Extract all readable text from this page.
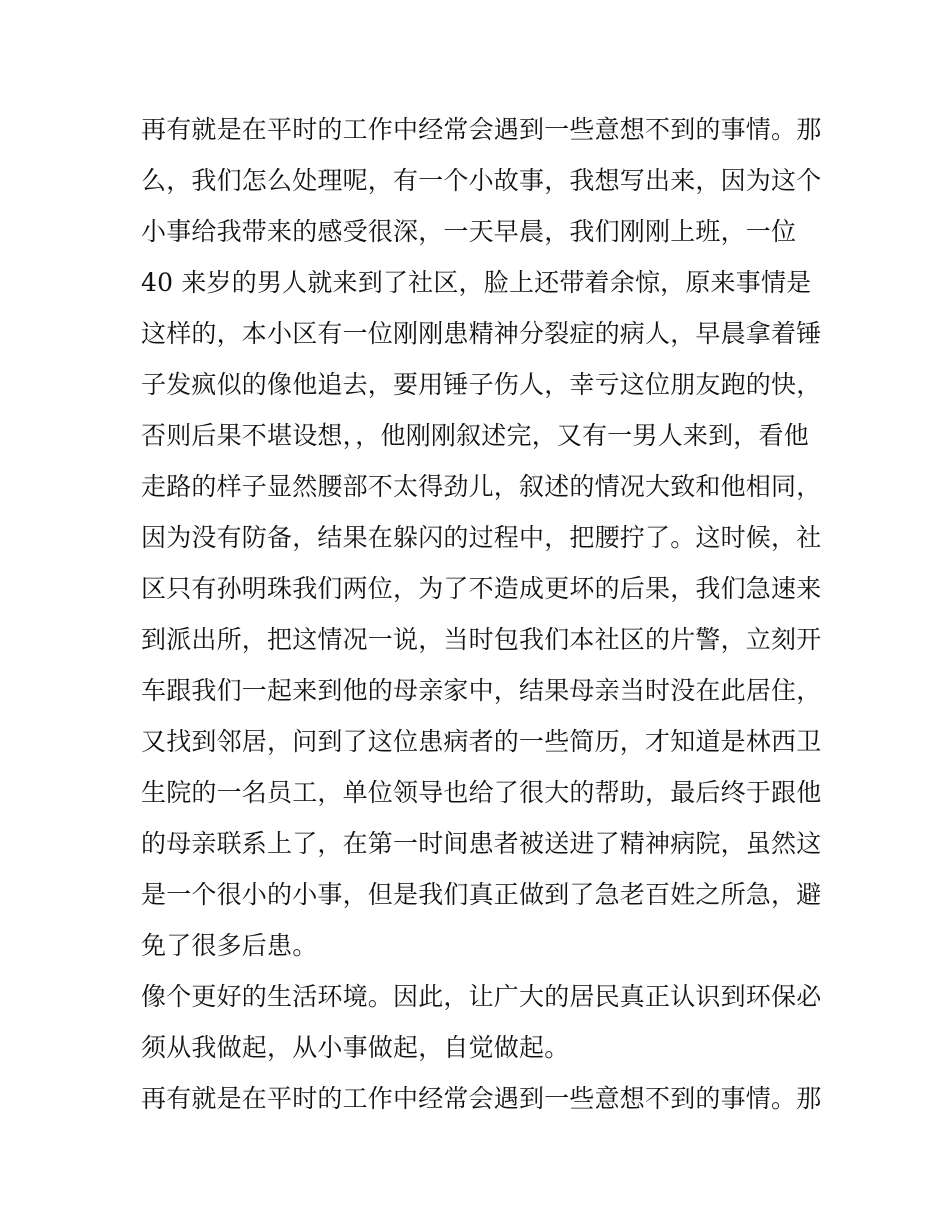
再有就是在平时的工作中经常会遇到一些意想不到的事情。那
么，我们怎么处理呢，有一个小故事，我想写出来，因为这个
小事给我带来的感受很深，一天早晨，我们刚刚上班，一位
40 来岁的男人就来到了社区，脸上还带着余惊，原来事情是
这样的，本小区有一位刚刚患精神分裂症的病人，早晨拿着锤
子发疯似的像他追去，要用锤子伤人，幸亏这位朋友跑的快，
否则后果不堪设想，，他刚刚叙述完，又有一男人来到，看他
走路的样子显然腰部不太得劲儿，叙述的情况大致和他相同，
因为没有防备，结果在躲闪的过程中，把腰拧了。这时候，社
区只有孙明珠我们两位，为了不造成更坏的后果，我们急速来
到派出所，把这情况一说，当时包我们本社区的片警，立刻开
车跟我们一起来到他的母亲家中，结果母亲当时没在此居住，
又找到邻居，问到了这位患病者的一些简历，才知道是林西卫
生院的一名员工，单位领导也给了很大的帮助，最后终于跟他
的母亲联系上了，在第一时间患者被送进了精神病院，虽然这
是一个很小的小事，但是我们真正做到了急老百姓之所急，避
免了很多后患。
像个更好的生活环境。因此，让广大的居民真正认识到环保必
须从我做起，从小事做起，自觉做起。
再有就是在平时的工作中经常会遇到一些意想不到的事情。那
